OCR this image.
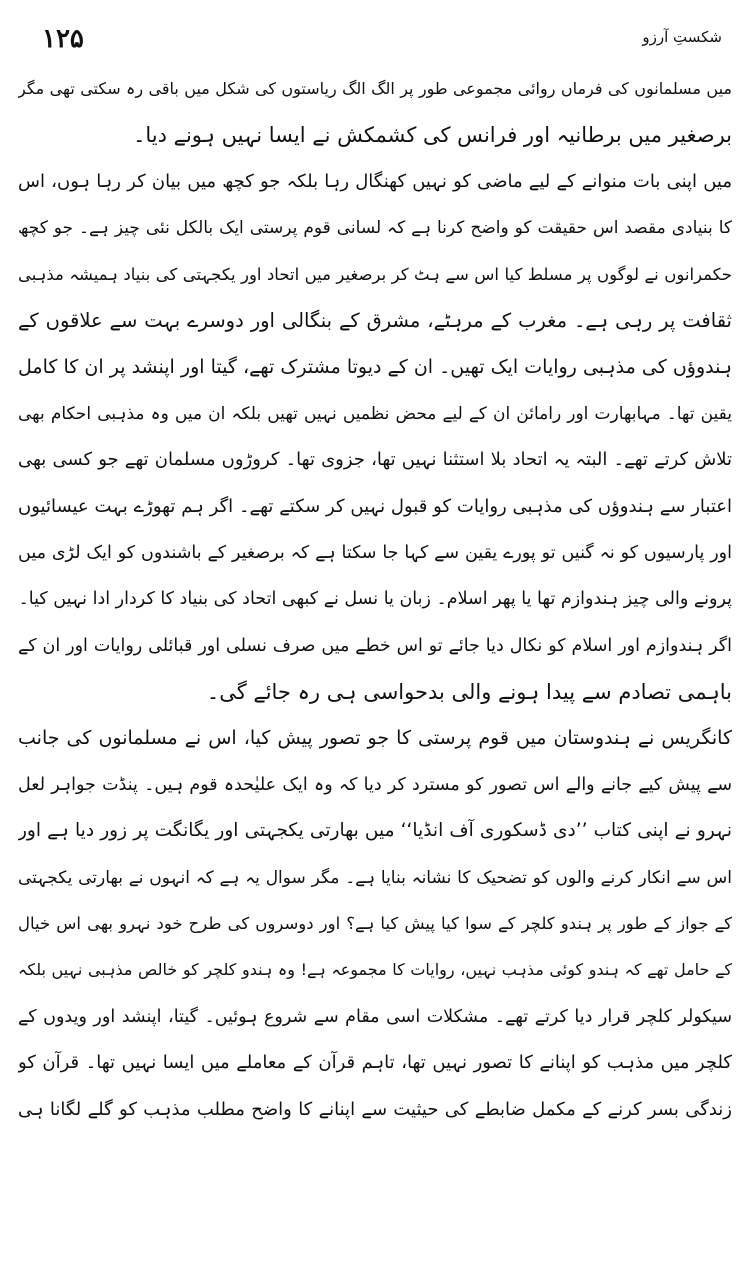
۱۲۵	شکستِ آرزو
میں مسلمانوں کی فرماں روائی مجموعی طور پر الگ الگ ریاستوں کی شکل میں باقی رہ سکتی تھی مگر
برصغیر میں برطانیہ اور فرانس کی کشمکش نے ایسا نہیں ہونے دیا۔
میں اپنی بات منوانے کے لیے ماضی کو نہیں کھنگال رہا بلکہ جو کچھ میں بیان کر رہا ہوں، اس
کا بنیادی مقصد اس حقیقت کو واضح کرنا ہے کہ لسانی قوم پرستی ایک بالکل نئی چیز ہے۔ جو کچھ
حکمرانوں نے لوگوں پر مسلط کیا اس سے ہٹ کر برصغیر میں اتحاد اور یکجہتی کی بنیاد ہمیشہ مذہبی
ثقافت پر رہی ہے۔ مغرب کے مرہٹے، مشرق کے بنگالی اور دوسرے بہت سے علاقوں کے
ہندوؤں کی مذہبی روایات ایک تھیں۔ ان کے دیوتا مشترک تھے، گیتا اور اپنشد پر ان کا کامل
یقین تھا۔ مہابھارت اور رامائن ان کے لیے محض نظمیں نہیں تھیں بلکہ ان میں وہ مذہبی احکام بھی
تلاش کرتے تھے۔ البتہ یہ اتحاد بلا استثنا نہیں تھا، جزوی تھا۔ کروڑوں مسلمان تھے جو کسی بھی
اعتبار سے ہندوؤں کی مذہبی روایات کو قبول نہیں کر سکتے تھے۔ اگر ہم تھوڑے بہت عیسائیوں
اور پارسیوں کو نہ گنیں تو پورے یقین سے کہا جا سکتا ہے کہ برصغیر کے باشندوں کو ایک لڑی میں
پرونے والی چیز ہندوازم تھا یا پھر اسلام۔ زبان یا نسل نے کبھی اتحاد کی بنیاد کا کردار ادا نہیں کیا۔
اگر ہندوازم اور اسلام کو نکال دیا جائے تو اس خطے میں صرف نسلی اور قبائلی روایات اور ان کے
باہمی تصادم سے پیدا ہونے والی بدحواسی ہی رہ جائے گی۔
کانگریس نے ہندوستان میں قوم پرستی کا جو تصور پیش کیا، اس نے مسلمانوں کی جانب
سے پیش کیے جانے والے اس تصور کو مسترد کر دیا کہ وہ ایک علیٰحدہ قوم ہیں۔ پنڈت جواہر لعل
نہرو نے اپنی کتاب ’’دی ڈسکوری آف انڈیا‘‘ میں بھارتی یکجہتی اور یگانگت پر زور دیا ہے اور
اس سے انکار کرنے والوں کو تضحیک کا نشانہ بنایا ہے۔ مگر سوال یہ ہے کہ انہوں نے بھارتی یکجہتی
کے جواز کے طور پر ہندو کلچر کے سوا کیا پیش کیا ہے؟ اور دوسروں کی طرح خود نہرو بھی اس خیال
کے حامل تھے کہ ہندو کوئی مذہب نہیں، روایات کا مجموعہ ہے! وہ ہندو کلچر کو خالص مذہبی نہیں بلکہ
سیکولر کلچر قرار دیا کرتے تھے۔ مشکلات اسی مقام سے شروع ہوئیں۔ گیتا، اپنشد اور ویدوں کے
کلچر میں مذہب کو اپنانے کا تصور نہیں تھا، تاہم قرآن کے معاملے میں ایسا نہیں تھا۔ قرآن کو
زندگی بسر کرنے کے مکمل ضابطے کی حیثیت سے اپنانے کا واضح مطلب مذہب کو گلے لگانا ہی
